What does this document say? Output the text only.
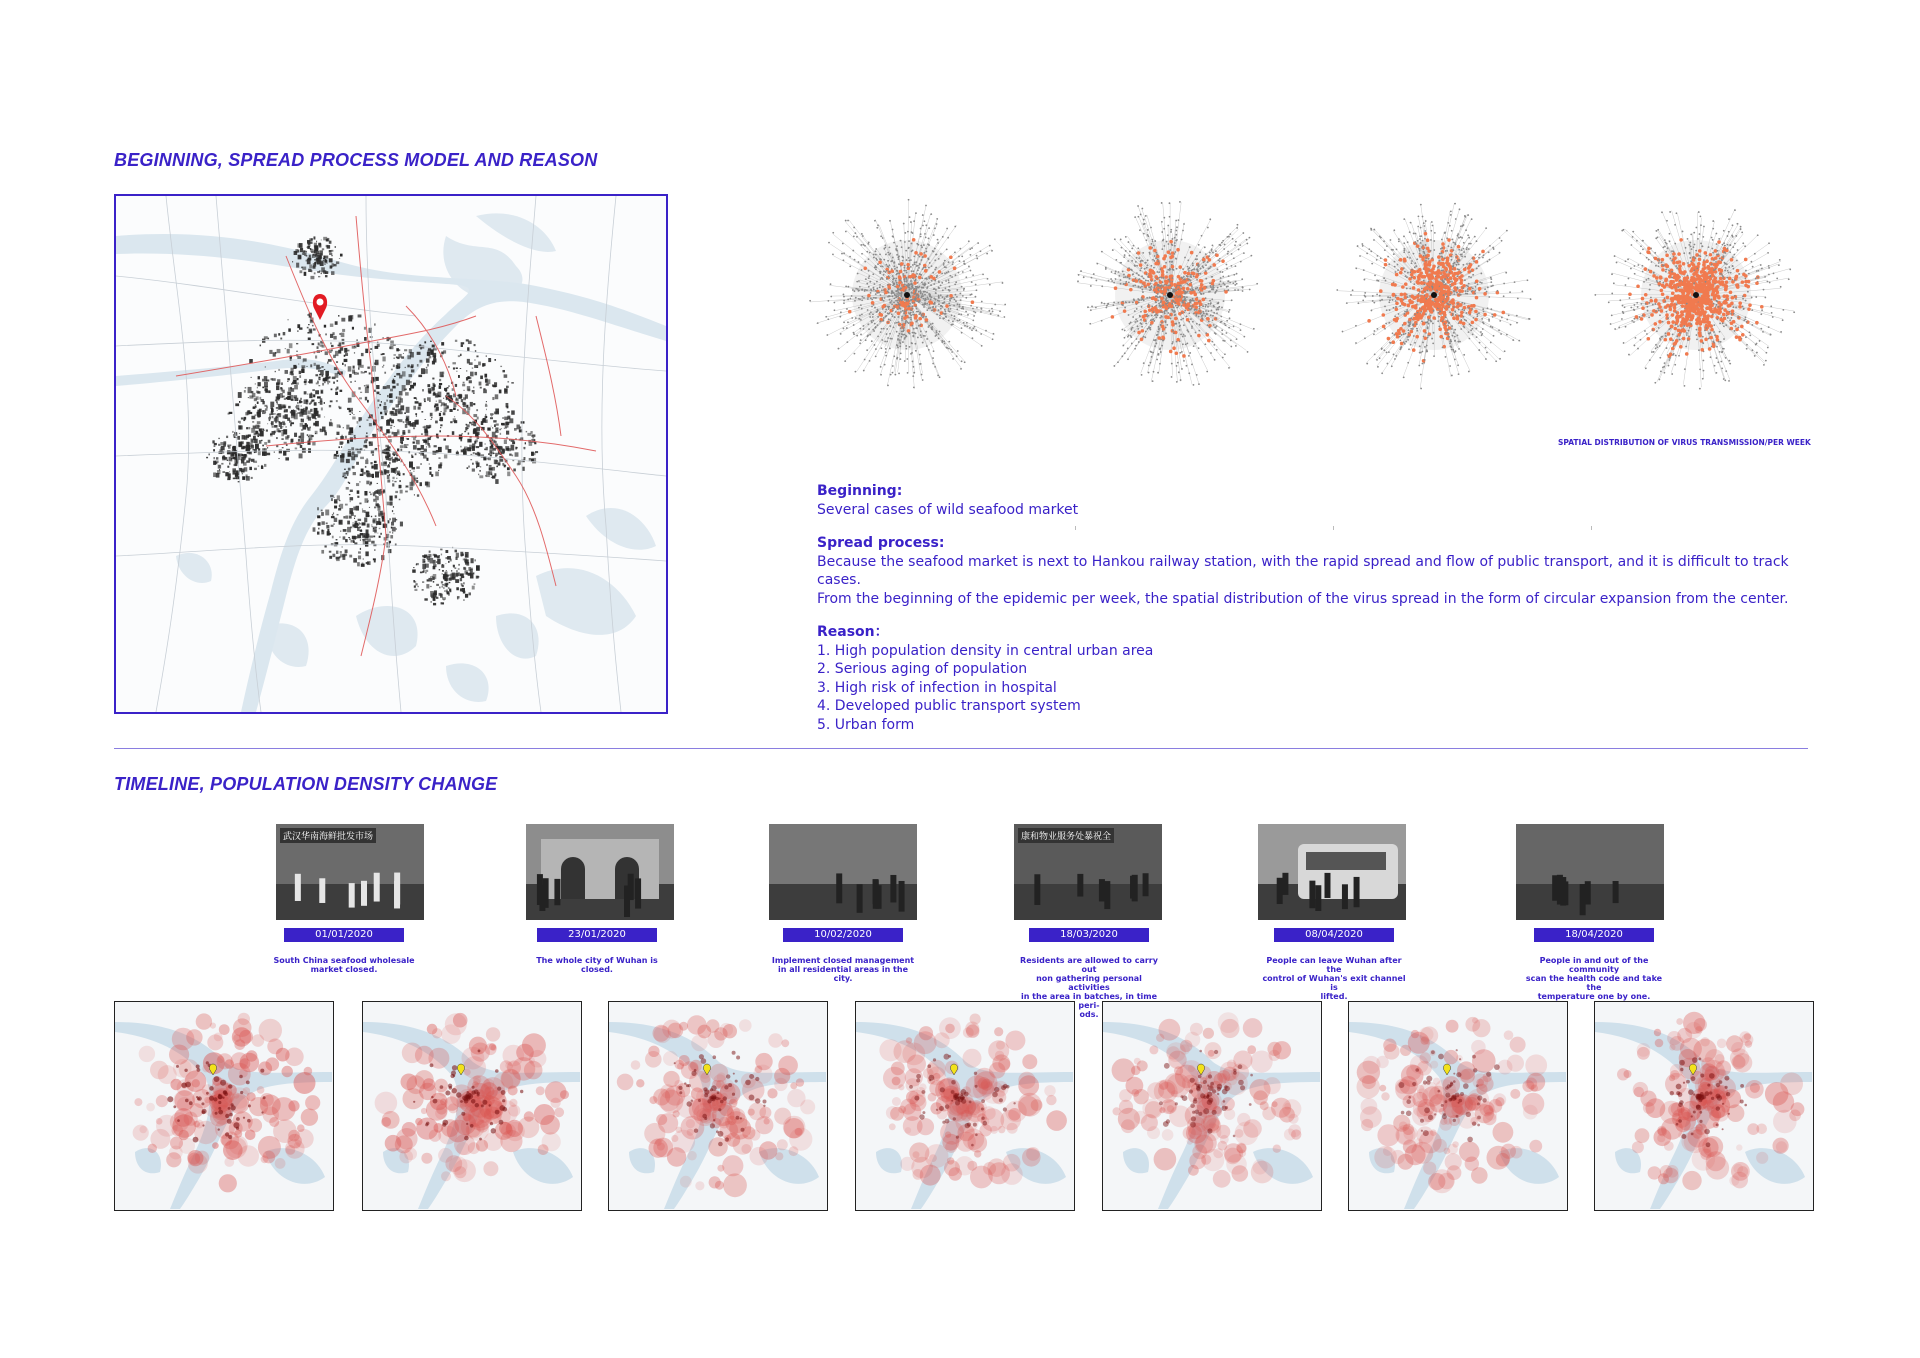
BEGINNING, SPREAD PROCESS MODEL AND REASON
SPATIAL DISTRIBUTION OF VIRUS TRANSMISSION/PER WEEK

Beginning:

Several cases of wild seafood market

Spread process:

Because the seafood market is next to Hankou railway station, with the rapid spread and flow of public transport, and it is difficult to track cases.

From the beginning of the epidemic per week, the spatial distribution of the virus spread in the form of circular expansion from the center.

Reason：

1. High population density in central urban area

2. Serious aging of population

3. High risk of infection in hospital

4. Developed public transport system

5. Urban form

TIMELINE, POPULATION DENSITY CHANGE
武汉华南海鲜批发市场
01/01/2020
South China seafood wholesale
market closed.
23/01/2020
The whole city of Wuhan is closed.
10/02/2020
Implement closed management
in all residential areas in the city.
康和物业服务处暴祝全
18/03/2020
Residents are allowed to carry out
non gathering personal activities
in the area in batches, in time peri-
ods.
08/04/2020
People can leave Wuhan after the
control of Wuhan's exit channel is
lifted.
18/04/2020
People in and out of the community
scan the health code and take the
temperature one by one.
